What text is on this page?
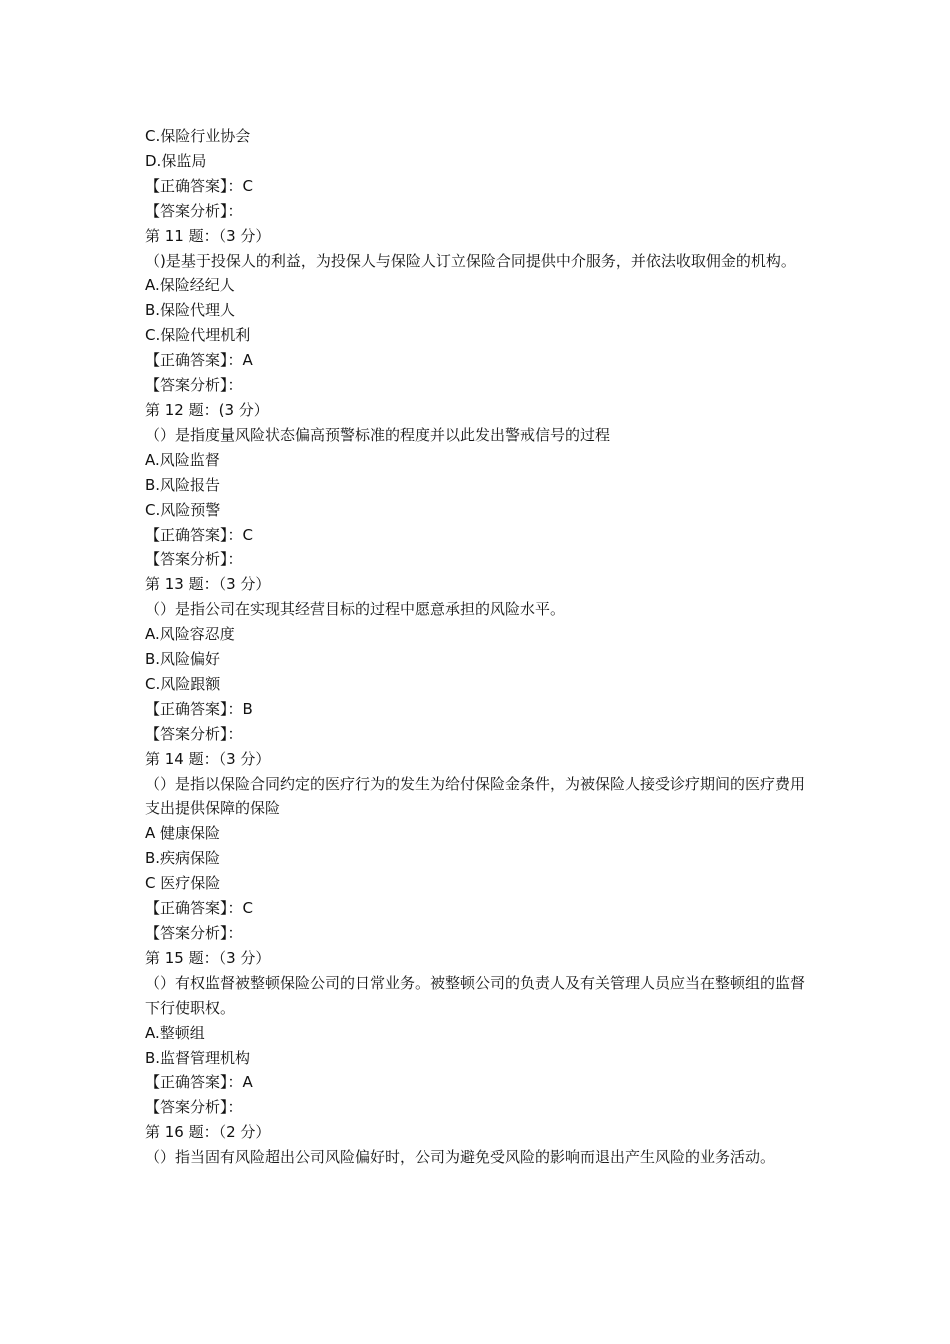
C.保险行业协会

D.保监局

【正确答案】：C

【答案分析】：

第 11 题：（3 分）

（)是基于投保人的利益，为投保人与保险人订立保险合同提供中介服务，并依法收取佣金的机构。

A.保险经纪人

B.保险代理人

C.保险代埋机利

【正确答案】：A

【答案分析】：

第 12 题：(3 分）

（）是指度量风险状态偏高预警标准的程度并以此发出警戒信号的过程

A.风险监督

B.风险报告

C.风险预警

【正确答案】：C

【答案分析】：

第 13 题：（3 分）

（）是指公司在实现其经营目标的过程中愿意承担的风险水平。

A.风险容忍度

B.风险偏好

C.风险跟额

【正确答案】：B

【答案分析】：

第 14 题：（3 分）

（）是指以保险合同约定的医疗行为的发生为给付保险金条件，为被保险人接受诊疗期间的医疗费用支出提供保障的保险

A 健康保险

B.疾病保险

C 医疗保险

【正确答案】：C

【答案分析】：

第 15 题：（3 分）

（）有权监督被整顿保险公司的日常业务。被整顿公司的负责人及有关管理人员应当在整顿组的监督下行使职权。

A.整顿组

B.监督管理机构

【正确答案】：A

【答案分析】：

第 16 题：（2 分）

（）指当固有风险超出公司风险偏好时，公司为避免受风险的影响而退出产生风险的业务活动。
